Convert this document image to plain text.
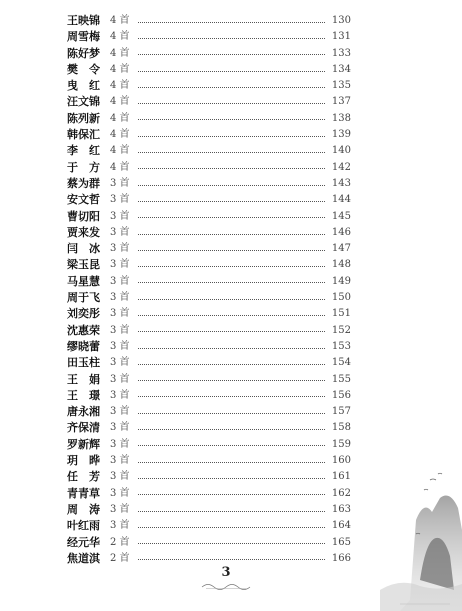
王映锦	4 首	130
周雪梅	4 首	131
陈好梦	4 首	133
樊　令	4 首	134
曳　红	4 首	135
汪文锦	4 首	137
陈列新	4 首	138
韩保汇	4 首	139
李　红	4 首	140
于　方	4 首	142
蔡为群	3 首	143
安文哲	3 首	144
曹切阳	3 首	145
贾来发	3 首	146
闫　冰	3 首	147
梁玉昆	3 首	148
马星慧	3 首	149
周于飞	3 首	150
刘奕彤	3 首	151
沈惠荣	3 首	152
缪晓蕾	3 首	153
田玉柱	3 首	154
王　娟	3 首	155
王　璟	3 首	156
唐永湘	3 首	157
齐保清	3 首	158
罗新辉	3 首	159
玥　晔	3 首	160
任　芳	3 首	161
青青草	3 首	162
周　涛	3 首	163
叶红雨	3 首	164
经元华	2 首	165
焦道淇	2 首	166
3
